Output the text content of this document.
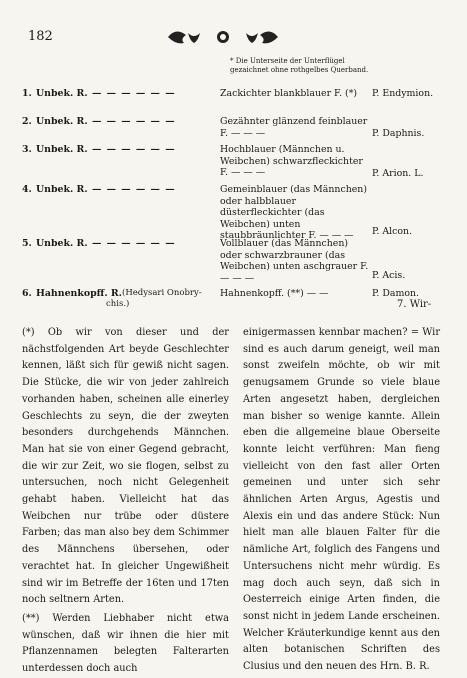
182
* Die Unterseite der Unterflügel gezaichnet ohne rothgelbes Querband.
1. Unbek. R. — — — — — —	Zackichter blankblauer F. (*)	P. Endymion.
2. Unbek. R. — — — — — —	Gezähnter glänzend feinblauer F. — — —	P. Daphnis.
3. Unbek. R. — — — — — —	Hochblauer (Männchen u. Weibchen) schwarzfleckichter F. — — —	P. Arion. L.
4. Unbek. R. — — — — — —	Gemeinblauer (das Männchen) oder halbblauer düsterfleckichter (das Weibchen) unten staubbräunlichter F. — — —	P. Alcon.
5. Unbek. R. — — — — — —	Vollblauer (das Männchen) oder schwarzbrauner (das Weibchen) unten aschgrauer F. — — —	P. Acis.
6. Hahnenkopff. R. (Hedysari Onobry-
chis.)
Hahnenkopff. (**) — —	P. Damon.
7. Wir-

(*) Ob wir von dieser und der nächstfolgenden Art beyde Geschlechter kennen, läßt sich für gewiß nicht sagen. Die Stücke, die wir von jeder zahlreich vorhanden haben, scheinen alle einerley Geschlechts zu seyn, die der zweyten besonders durchgehends Männchen. Man hat sie von einer Gegend gebracht, die wir zur Zeit, wo sie flogen, selbst zu untersuchen, noch nicht Gelegenheit gehabt haben. Vielleicht hat das Weibchen nur trübe oder düstere Farben; das man also bey dem Schimmer des Männchens übersehen, oder verachtet hat. In gleicher Ungewißheit sind wir im Betreffe der 16ten und 17ten noch seltnern Arten.

(**) Werden Liebhaber nicht etwa wünschen, daß wir ihnen die hier mit Pflanzennamen belegten Falterarten unterdessen doch auch

einigermassen kennbar machen? = Wir sind es auch darum geneigt, weil man sonst zweifeln möchte, ob wir mit genugsamem Grunde so viele blaue Arten angesetzt haben, dergleichen man bisher so wenige kannte. Allein eben die allgemeine blaue Oberseite konnte leicht verführen: Man fieng vielleicht von den fast aller Orten gemeinen und unter sich sehr ähnlichen Arten Argus, Agestis und Alexis ein und das andere Stück: Nun hielt man alle blauen Falter für die nämliche Art, folglich des Fangens und Untersuchens nicht mehr würdig. Es mag doch auch seyn, daß sich in Oesterreich einige Arten finden, die sonst nicht in jedem Lande erscheinen. Welcher Kräuterkundige kennt aus den alten botanischen Schriften des Clusius und den neuen des Hrn. B. R.
